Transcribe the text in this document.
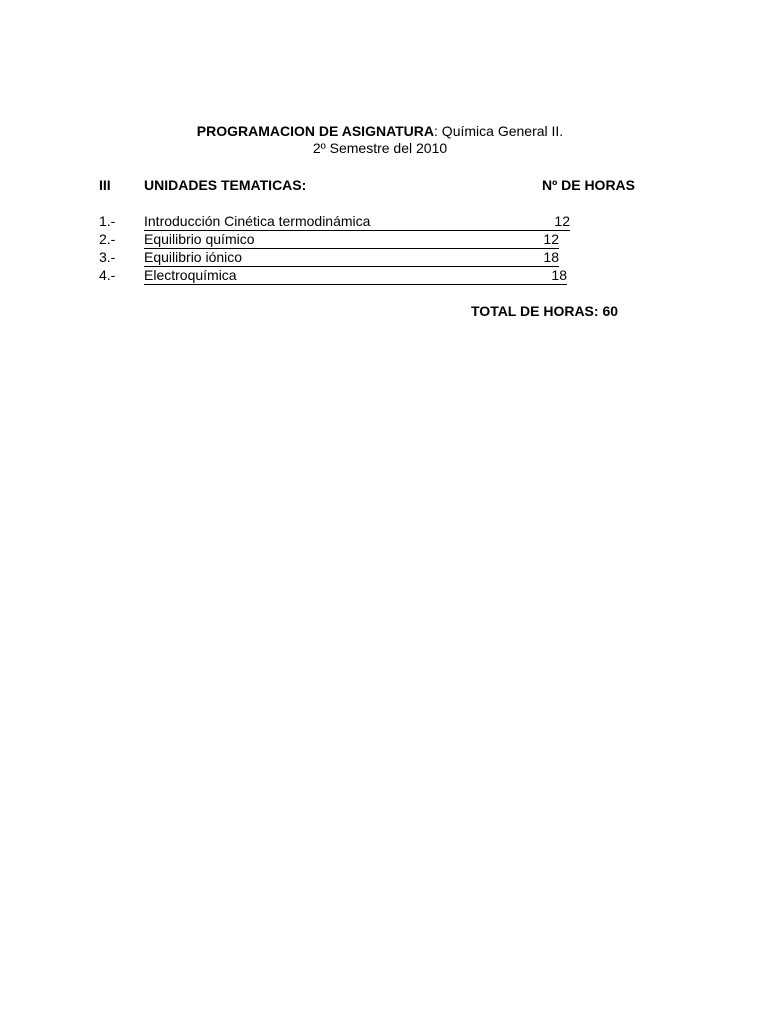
PROGRAMACION DE ASIGNATURA: Química General II.
2º Semestre del 2010
III UNIDADES TEMATICAS:	Nº DE HORAS
1.- Introducción Cinética termodinámica	12
2.- Equilibrio químico	12
3.- Equilibrio iónico	18
4.- Electroquímica	18
TOTAL DE HORAS: 60
